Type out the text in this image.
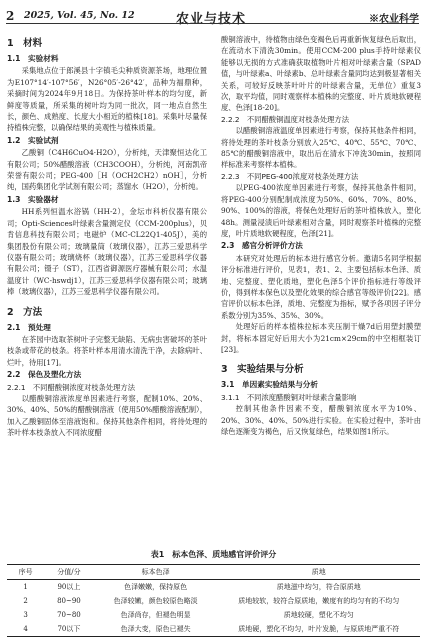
2 2025, Vol. 45, No. 12	农业与技术	※农业科学
1　材料
1.1　实验材料

采集地点位于郎溪县十字镇毛尖种质资源茶场，地理位置为E107°14′-107°56′，N26°05′-26°42′，品种为福鼎种，采摘时间为2024年9月18日。为保持茶叶样本的均匀度，新鲜度等质量，所采集的树叶均为同一批次，同一地点自然生长，颜色、成熟度、长度大小相近的植株[18]。采集叶尽量保持植株完整，以确保结果的美观性与植株质量。

1.2　实验试剂

乙酸铜（C4H6CuO4·H2O），分析纯，天津聚恒达化工有限公司；50%醋酸溶液（CH3COOH），分析纯，河南凯帝荣誉有限公司；PEG-400［H（OCH2CH2）nOH］，分析纯，国药集团化学试剂有限公司；蒸馏水（H2O），分析纯。

1.3　实验器材

HH系列恒温水浴锅（HH-2），金坛市科析仪器有限公司；Opti-Sciences叶绿素含量测定仪（CCM-200plus），贝肯信息科技有限公司；电磁炉（MC-CL22Q1-405J），美的集团股份有限公司；玻璃量筒（玻璃仪器），江苏三爱思科学仪器有限公司；玻璃烧杯（玻璃仪器），江苏三爱思科学仪器有限公司；镊子（ST），江西省御源医疗器械有限公司；水温温度计（WC-hswdj1），江苏三爱思科学仪器有限公司；玻璃棒（玻璃仪器），江苏三爱思科学仪器有限公司。

2　方法
2.1　预处理

在茶园中选取茶树叶子完整无缺陷、无病虫害破坏的茶叶枝条或带花的枝条。将茶叶样本用清水清洗干净，去除病叶、烂叶，待用[17]。

2.2　保色及塑化方法
2.2.1　不同醋酸铜浓度对枝条处理方法

以醋酸铜溶液浓度单因素进行考察，配制10%、20%、30%、40%、50%的醋酸铜溶液（使用50%醋酸溶液配制），加入乙酸铜固体至溶液饱和。保持其他条件相同，将待处理的茶叶样本枝条放入不同浓度醋

酸铜溶液中，待植物由绿色变褐色后再重新恢复绿色后取出，在流动水下清洗30min。使用CCM-200 plus手持叶绿素仪能够以无损的方式准确获取植物叶片相对叶绿素含量（SPAD值，与叶绿素a、叶绿素b、总叶绿素含量同均达到极显著相关关系，可较好反映茶叶叶片的叶绿素含量，无单位）重复3次，取平均值，同时观察样本植株的完整度、叶片质地软硬程度、色泽[18-20]。

2.2.2　不同醋酸铜温度对枝条处理方法

以醋酸铜溶液温度单因素进行考察，保持其他条件相同，将待处理的茶叶枝条分别放入25℃、40℃、55℃、70℃、85℃的醋酸铜溶液中，取出后在清水下冲洗30min，按照同样标准来考察样本植株。

2.2.3　不同PEG-400浓度对枝条处理方法

以PEG-400浓度单因素进行考察，保持其他条件相同，将PEG-400分别配制成浓度为50%、60%、70%、80%、90%、100%的溶液，将保色处理好后的茶叶植株放入，塑化48h。测量浸渍后叶绿素相对含量，同时观察茶叶植株的完整度，叶片质地软硬程度，色泽[21]。

2.3　感官分析评价方法

本研究对处理后的标本进行感官分析。邀请5名同学根据评分标准进行评价，见表1，表1、2、主要包括标本色泽、质地、完整度、塑化质地，塑化色泽5个评价指标进行等级评价，得到样本保色以及塑化效果的综合感官等级评价[22]。感官评价以标本色泽，质地、完整度为指标，赋予各项因子评分系数分别为35%、35%、30%。

处理好后的样本植株拉标本夹压制干燥7d后用塑封膜塑封，将标本固定好后用大小为21cm×29cm的中空相框装订[23]。

3　实验结果与分析
3.1　单因素实验结果与分析
3.1.1　不同浓度醋酸铜对叶绿素含量影响

控制其他条件因素不变，醋酸铜浓度水平为10%、20%、30%、40%、50%进行实验。在实验过程中，茶叶由绿色逐渐变为褐色，后又恢复绿色，结果如图1所示。

表1　标本色泽、质地感官评价评分
序号	分值/分	标本色泽	质地
1	90以上	色泽嫩嫩，保持原色	质地滋中均匀，符合原质地
2	80~90	色泽较嫩，颜色较原色略淡	质地较软，较符合原质地，嫩度有的均匀有的不均匀
3	70~80	色泽尚存，但褪色明显	质地较硬，塑化不均匀
4	70以下	色泽大变，原色已褪失	质地硬，塑化不均匀，叶片发脆，与原质地严重不符
